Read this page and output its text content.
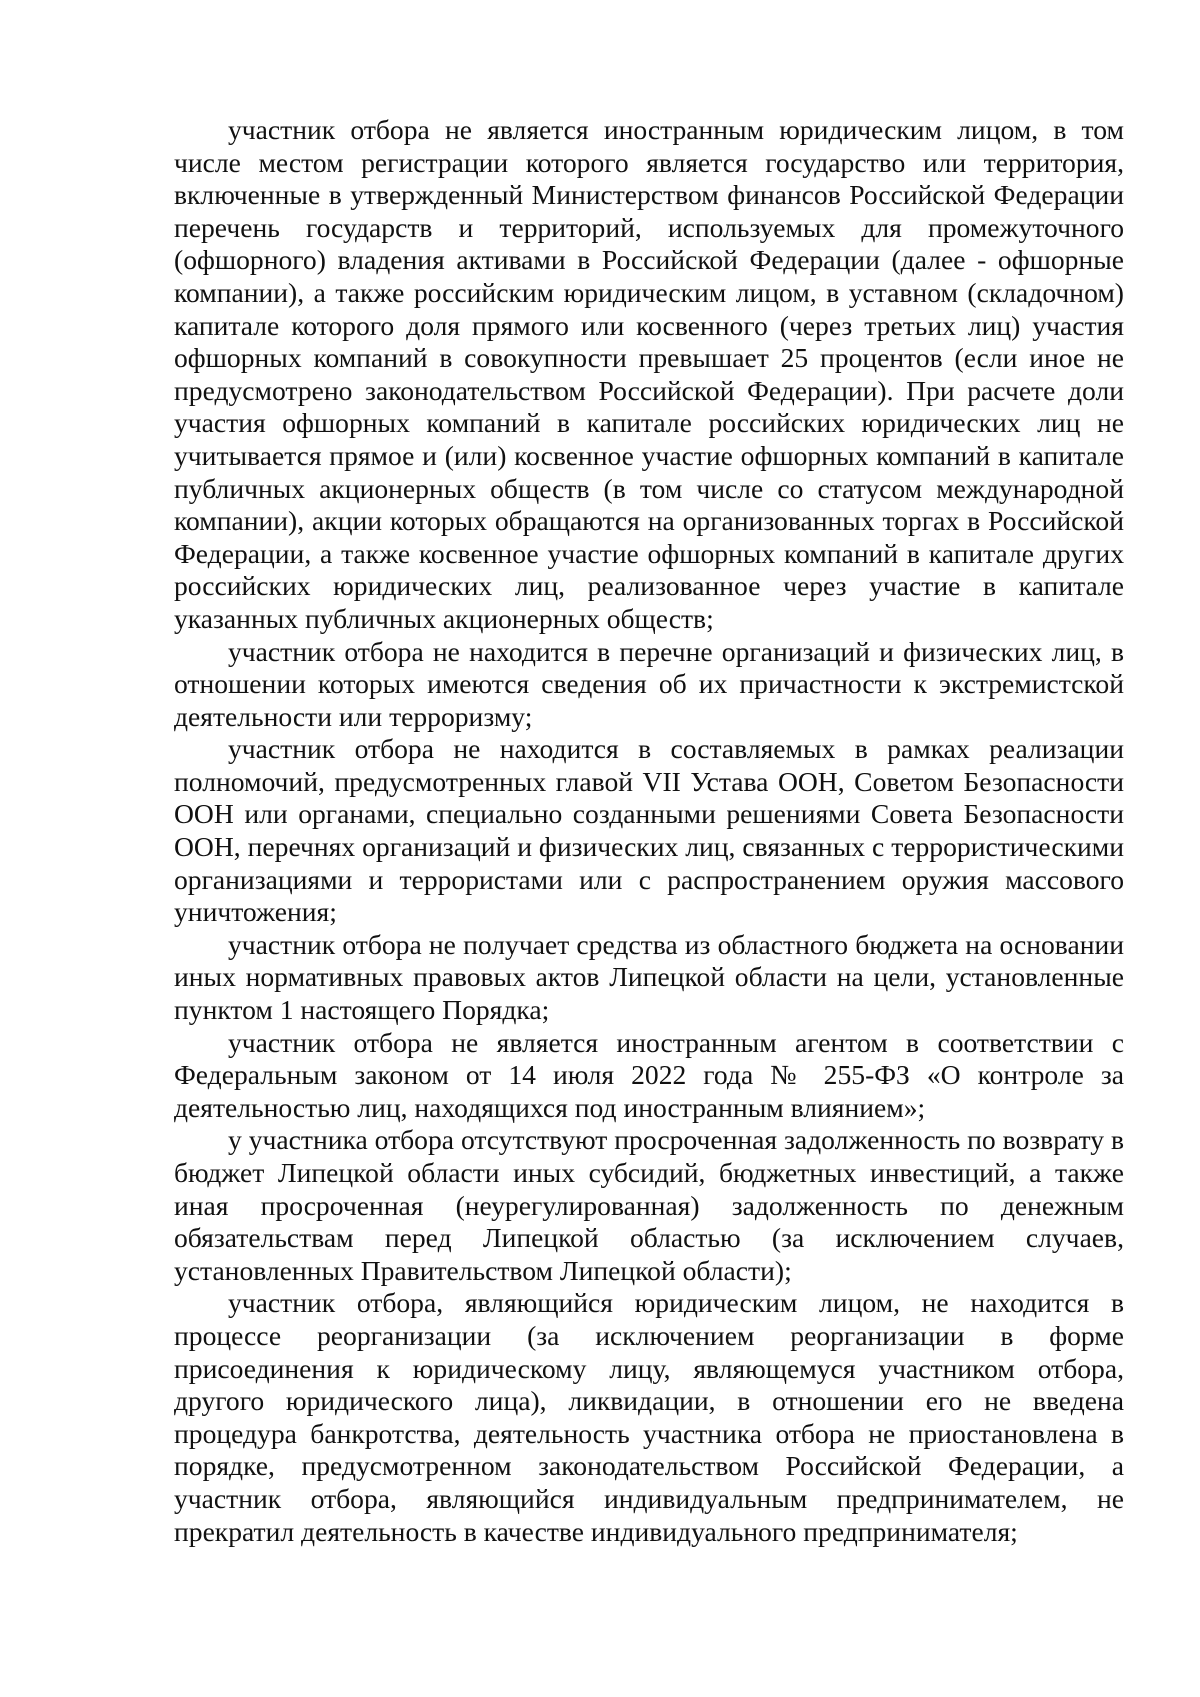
участник отбора не является иностранным юридическим лицом, в том числе местом регистрации которого является государство или территория, включенные в утвержденный Министерством финансов Российской Федерации перечень государств и территорий, используемых для промежуточного (офшорного) владения активами в Российской Федерации (далее - офшорные компании), а также российским юридическим лицом, в уставном (складочном) капитале которого доля прямого или косвенного (через третьих лиц) участия офшорных компаний в совокупности превышает 25 процентов (если иное не предусмотрено законодательством Российской Федерации). При расчете доли участия офшорных компаний в капитале российских юридических лиц не учитывается прямое и (или) косвенное участие офшорных компаний в капитале публичных акционерных обществ (в том числе со статусом международной компании), акции которых обращаются на организованных торгах в Российской Федерации, а также косвенное участие офшорных компаний в капитале других российских юридических лиц, реализованное через участие в капитале указанных публичных акционерных обществ;

участник отбора не находится в перечне организаций и физических лиц, в отношении которых имеются сведения об их причастности к экстремистской деятельности или терроризму;

участник отбора не находится в составляемых в рамках реализации полномочий, предусмотренных главой VII Устава ООН, Советом Безопасности ООН или органами, специально созданными решениями Совета Безопасности ООН, перечнях организаций и физических лиц, связанных с террористическими организациями и террористами или с распространением оружия массового уничтожения;

участник отбора не получает средства из областного бюджета на основании иных нормативных правовых актов Липецкой области на цели, установленные пунктом 1 настоящего Порядка;

участник отбора не является иностранным агентом в соответствии с Федеральным законом от 14 июля 2022 года № 255-ФЗ «О контроле за деятельностью лиц, находящихся под иностранным влиянием»;

у участника отбора отсутствуют просроченная задолженность по возврату в бюджет Липецкой области иных субсидий, бюджетных инвестиций, а также иная просроченная (неурегулированная) задолженность по денежным обязательствам перед Липецкой областью (за исключением случаев, установленных Правительством Липецкой области);

участник отбора, являющийся юридическим лицом, не находится в процессе реорганизации (за исключением реорганизации в форме присоединения к юридическому лицу, являющемуся участником отбора, другого юридического лица), ликвидации, в отношении его не введена процедура банкротства, деятельность участника отбора не приостановлена в порядке, предусмотренном законодательством Российской Федерации, а участник отбора, являющийся индивидуальным предпринимателем, не прекратил деятельность в качестве индивидуального предпринимателя;
